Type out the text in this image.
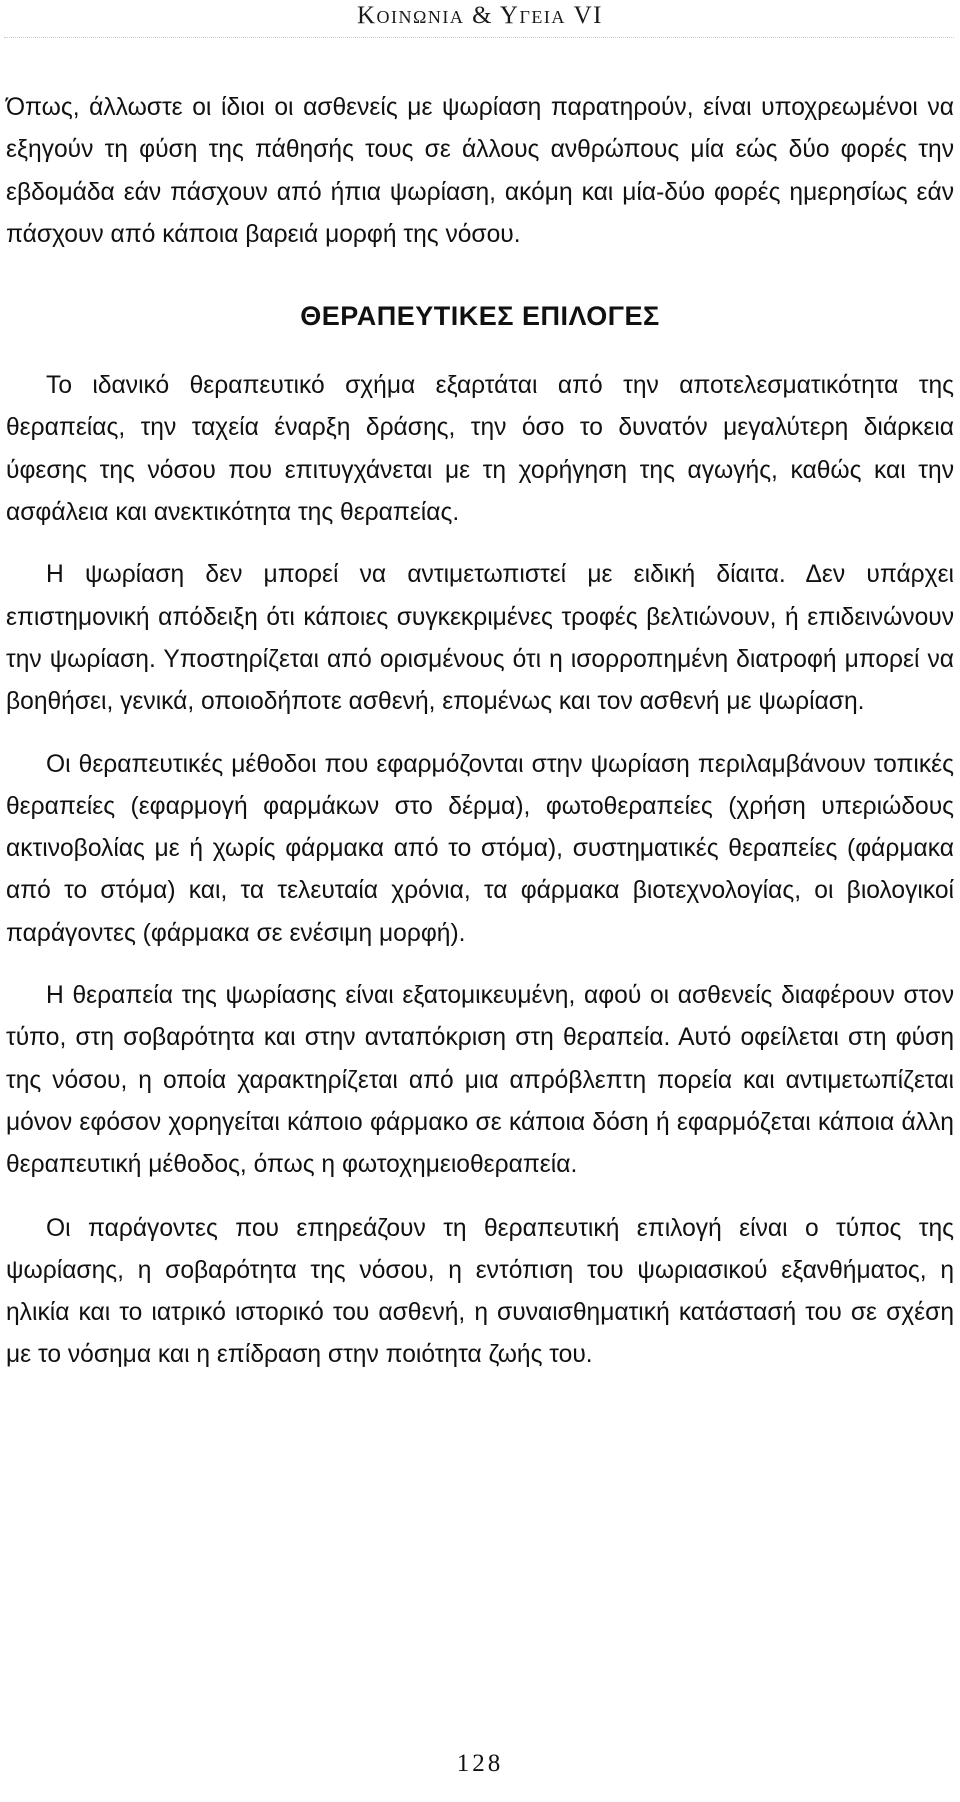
Κοινωνια & Υγεια VI

Όπως, άλλωστε οι ίδιοι οι ασθενείς με ψωρίαση παρατηρούν, είναι υποχρεωμένοι να εξηγούν τη φύση της πάθησής τους σε άλλους ανθρώπους μία εώς δύο φορές την εβδομάδα εάν πάσχουν από ήπια ψωρίαση, ακόμη και μία-δύο φορές ημερησίως εάν πάσχουν από κάποια βαρειά μορφή της νόσου.

ΘΕΡΑΠΕΥΤΙΚΕΣ ΕΠΙΛΟΓΕΣ

Το ιδανικό θεραπευτικό σχήμα εξαρτάται από την αποτελεσματικότητα της θεραπείας, την ταχεία έναρξη δράσης, την όσο το δυνατόν μεγαλύτερη διάρκεια ύφεσης της νόσου που επιτυγχάνεται με τη χορήγηση της αγωγής, καθώς και την ασφάλεια και ανεκτικότητα της θεραπείας.

Η ψωρίαση δεν μπορεί να αντιμετωπιστεί με ειδική δίαιτα. Δεν υπάρχει επιστημονική απόδειξη ότι κάποιες συγκεκριμένες τροφές βελτιώνουν, ή επιδεινώνουν την ψωρίαση. Υποστηρίζεται από ορισμένους ότι η ισορροπημένη διατροφή μπορεί να βοηθήσει, γενικά, οποιοδήποτε ασθενή, επομένως και τον ασθενή με ψωρίαση.

Οι θεραπευτικές μέθοδοι που εφαρμόζονται στην ψωρίαση περιλαμβάνουν τοπικές θεραπείες (εφαρμογή φαρμάκων στο δέρμα), φωτοθεραπείες (χρήση υπεριώδους ακτινοβολίας με ή χωρίς φάρμακα από το στόμα), συστηματικές θεραπείες (φάρμακα από το στόμα) και, τα τελευταία χρόνια, τα φάρμακα βιοτεχνολογίας, οι βιολογικοί παράγοντες (φάρμακα σε ενέσιμη μορφή).

Η θεραπεία της ψωρίασης είναι εξατομικευμένη, αφού οι ασθενείς διαφέρουν στον τύπο, στη σοβαρότητα και στην ανταπόκριση στη θεραπεία. Αυτό οφείλεται στη φύση της νόσου, η οποία χαρακτηρίζεται από μια απρόβλεπτη πορεία και αντιμετωπίζεται μόνον εφόσον χορηγείται κάποιο φάρμακο σε κάποια δόση ή εφαρμόζεται κάποια άλλη θεραπευτική μέθοδος, όπως η φωτοχημειοθεραπεία.

Οι παράγοντες που επηρεάζουν τη θεραπευτική επιλογή είναι ο τύπος της ψωρίασης, η σοβαρότητα της νόσου, η εντόπιση του ψωριασικού εξανθήματος, η ηλικία και το ιατρικό ιστορικό του ασθενή, η συναισθηματική κατάστασή του σε σχέση με το νόσημα και η επίδραση στην ποιότητα ζωής του.

128
